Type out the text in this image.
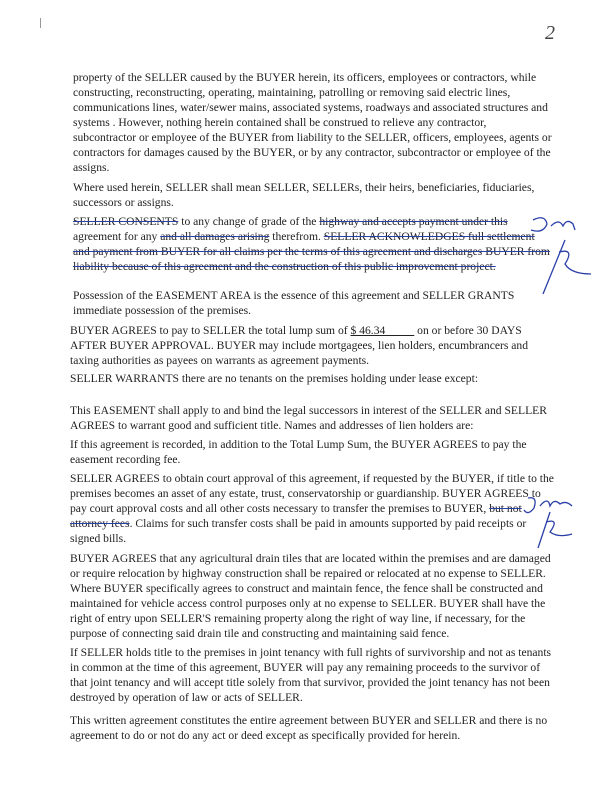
2
property of the SELLER caused by the BUYER herein, its officers, employees or contractors, while
constructing, reconstructing, operating, maintaining, patrolling or removing said electric lines,
communications lines, water/sewer mains, associated systems, roadways and associated structures and
systems . However, nothing herein contained shall be construed to relieve any contractor,
subcontractor or employee of the BUYER from liability to the SELLER, officers, employees, agents or
contractors for damages caused by the BUYER, or by any contractor, subcontractor or employee of the
assigns.
Where used herein, SELLER shall mean SELLER, SELLERs, their heirs, beneficiaries, fiduciaries,
successors or assigns.
SELLER CONSENTS to any change of grade of the highway and accepts payment under this
agreement for any and all damages arising therefrom. SELLER ACKNOWLEDGES full settlement
and payment from BUYER for all claims per the terms of this agreement and discharges BUYER from
liability because of this agreement and the construction of this public improvement project.
Possession of the EASEMENT AREA is the essence of this agreement and SELLER GRANTS
immediate possession of the premises.
BUYER AGREES to pay to SELLER the total lump sum of $ 46.34           on or before 30 DAYS
AFTER BUYER APPROVAL. BUYER may include mortgagees, lien holders, encumbrancers and
taxing authorities as payees on warrants as agreement payments.
SELLER WARRANTS there are no tenants on the premises holding under lease except:
This EASEMENT shall apply to and bind the legal successors in interest of the SELLER and SELLER
AGREES to warrant good and sufficient title. Names and addresses of lien holders are:
If this agreement is recorded, in addition to the Total Lump Sum, the BUYER AGREES to pay the
easement recording fee.
SELLER AGREES to obtain court approval of this agreement, if requested by the BUYER, if title to the
premises becomes an asset of any estate, trust, conservatorship or guardianship. BUYER AGREES to
pay court approval costs and all other costs necessary to transfer the premises to BUYER, but not
attorney fees. Claims for such transfer costs shall be paid in amounts supported by paid receipts or
signed bills.
BUYER AGREES that any agricultural drain tiles that are located within the premises and are damaged
or require relocation by highway construction shall be repaired or relocated at no expense to SELLER.
Where BUYER specifically agrees to construct and maintain fence, the fence shall be constructed and
maintained for vehicle access control purposes only at no expense to SELLER. BUYER shall have the
right of entry upon SELLER'S remaining property along the right of way line, if necessary, for the
purpose of connecting said drain tile and constructing and maintaining said fence.
If SELLER holds title to the premises in joint tenancy with full rights of survivorship and not as tenants
in common at the time of this agreement, BUYER will pay any remaining proceeds to the survivor of
that joint tenancy and will accept title solely from that survivor, provided the joint tenancy has not been
destroyed by operation of law or acts of SELLER.
This written agreement constitutes the entire agreement between BUYER and SELLER and there is no
agreement to do or not do any act or deed except as specifically provided for herein.
